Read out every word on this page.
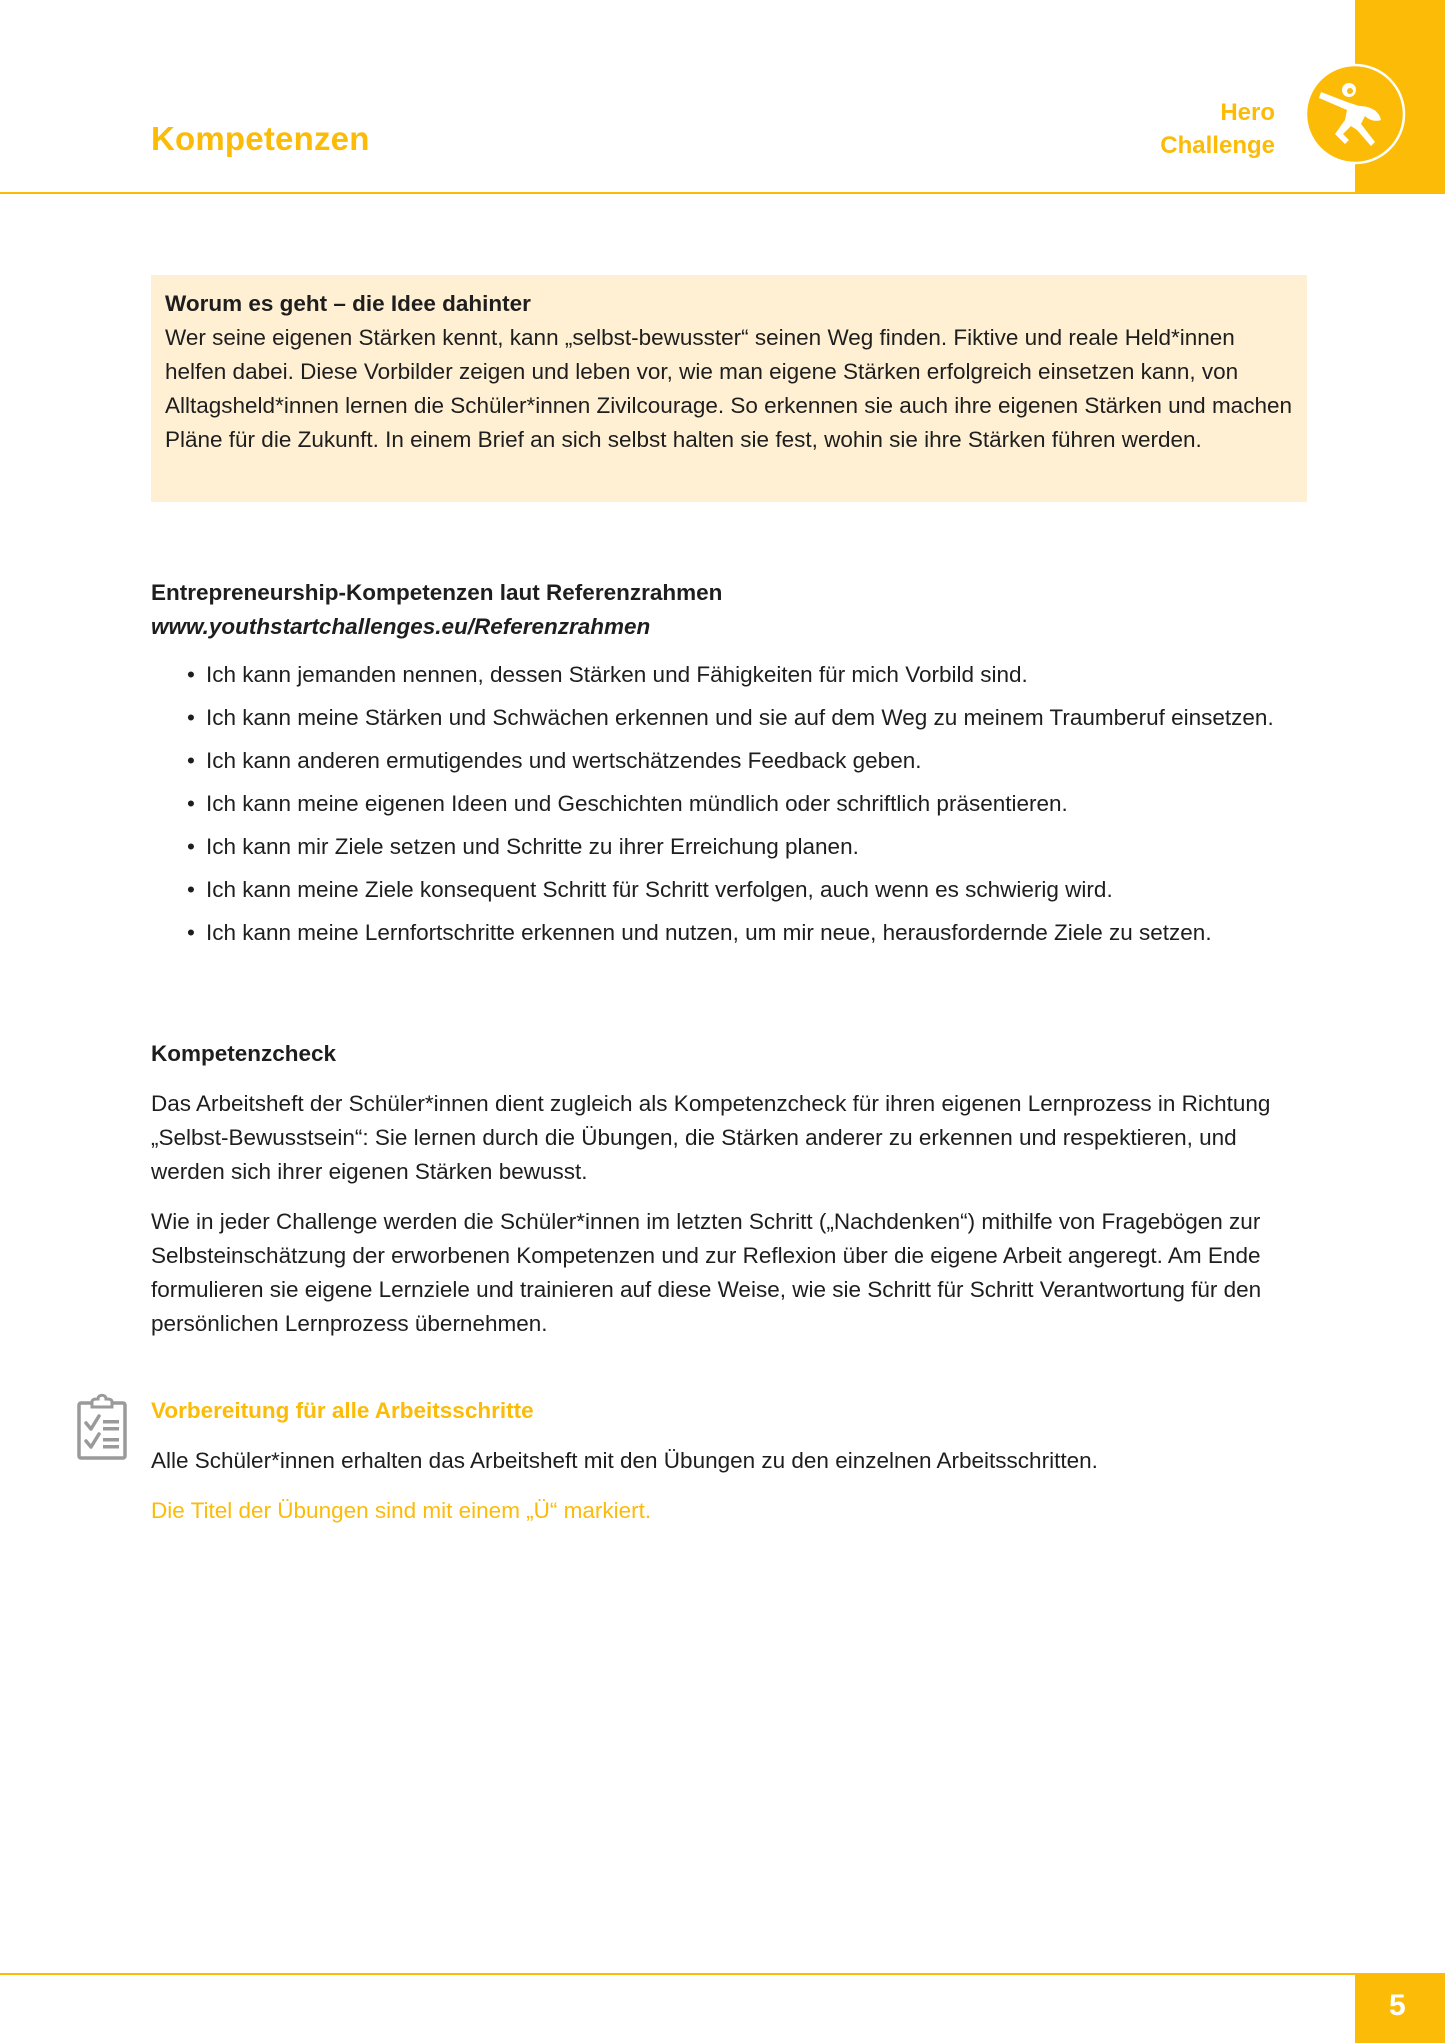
Kompetenzen
Hero
Challenge
Worum es geht – die Idee dahinter
Wer seine eigenen Stärken kennt, kann „selbst-bewusster“ seinen Weg finden. Fiktive und reale Held*innen helfen dabei. Diese Vorbilder zeigen und leben vor, wie man eigene Stärken erfolgreich einsetzen kann, von Alltagsheld*innen lernen die Schüler*innen Zivilcourage. So erkennen sie auch ihre eigenen Stärken und machen Pläne für die Zukunft. In einem Brief an sich selbst halten sie fest, wohin sie ihre Stärken führen werden.
Entrepreneurship-Kompetenzen laut Referenzrahmen
www.youthstartchallenges.eu/Referenzrahmen
• Ich kann jemanden nennen, dessen Stärken und Fähigkeiten für mich Vorbild sind.
• Ich kann meine Stärken und Schwächen erkennen und sie auf dem Weg zu meinem Traumberuf einsetzen.
• Ich kann anderen ermutigendes und wertschätzendes Feedback geben.
• Ich kann meine eigenen Ideen und Geschichten mündlich oder schriftlich präsentieren.
• Ich kann mir Ziele setzen und Schritte zu ihrer Erreichung planen.
• Ich kann meine Ziele konsequent Schritt für Schritt verfolgen, auch wenn es schwierig wird.
• Ich kann meine Lernfortschritte erkennen und nutzen, um mir neue, herausfordernde Ziele zu setzen.
Kompetenzcheck

Das Arbeitsheft der Schüler*innen dient zugleich als Kompetenzcheck für ihren eigenen Lernprozess in Richtung „Selbst-Bewusstsein“: Sie lernen durch die Übungen, die Stärken anderer zu erkennen und respektieren, und werden sich ihrer eigenen Stärken bewusst.

Wie in jeder Challenge werden die Schüler*innen im letzten Schritt („Nachdenken“) mithilfe von Fragebögen zur Selbsteinschätzung der erworbenen Kompetenzen und zur Reflexion über die eigene Arbeit angeregt. Am Ende formulieren sie eigene Lernziele und trainieren auf diese Weise, wie sie Schritt für Schritt Verantwortung für den persönlichen Lernprozess übernehmen.

Vorbereitung für alle Arbeitsschritte

Alle Schüler*innen erhalten das Arbeitsheft mit den Übungen zu den einzelnen Arbeitsschritten.

Die Titel der Übungen sind mit einem „Ü“ markiert.

5
